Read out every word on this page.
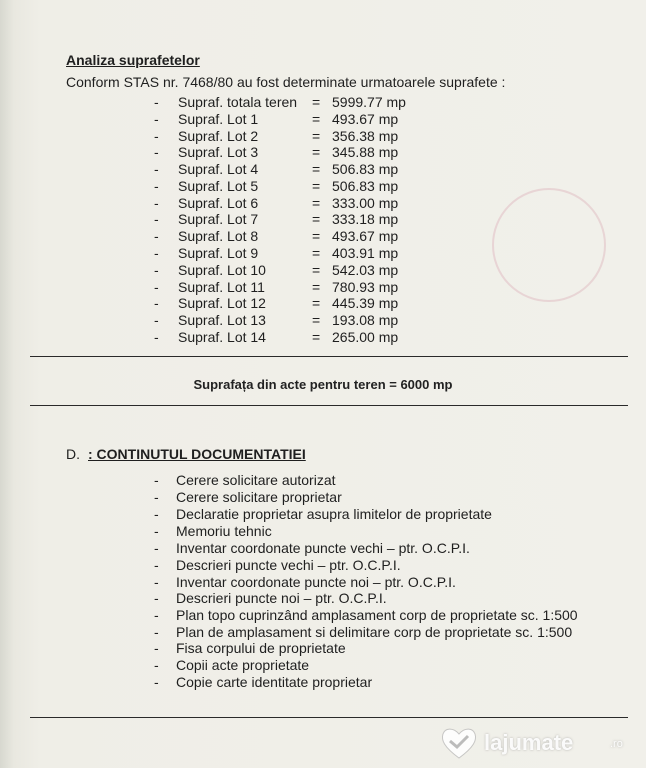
Analiza suprafetelor
Conform STAS nr. 7468/80 au fost determinate urmatoarele suprafete :
- Supraf. totala teren = 5999.77 mp
- Supraf. Lot 1	= 493.67 mp
- Supraf. Lot 2	= 356.38 mp
- Supraf. Lot 3	= 345.88 mp
- Supraf. Lot 4	= 506.83 mp
- Supraf. Lot 5	= 506.83 mp
- Supraf. Lot 6	= 333.00 mp
- Supraf. Lot 7	= 333.18 mp
- Supraf. Lot 8	= 493.67 mp
- Supraf. Lot 9	= 403.91 mp
- Supraf. Lot 10	= 542.03 mp
- Supraf. Lot 11	= 780.93 mp
- Supraf. Lot 12	= 445.39 mp
- Supraf. Lot 13	= 193.08 mp
- Supraf. Lot 14	= 265.00 mp
Suprafața din acte pentru teren = 6000 mp
D. : CONTINUTUL DOCUMENTATIEI
- Cerere solicitare autorizat
- Cerere solicitare proprietar
- Declaratie proprietar asupra limitelor de proprietate
- Memoriu tehnic
- Inventar coordonate puncte vechi – ptr. O.C.P.I.
- Descrieri puncte vechi – ptr. O.C.P.I.
- Inventar coordonate puncte noi – ptr. O.C.P.I.
- Descrieri puncte noi – ptr. O.C.P.I.
- Plan topo cuprinzând amplasament corp de proprietate sc. 1:500
- Plan de amplasament si delimitare corp de proprietate sc. 1:500
- Fisa corpului de proprietate
- Copii acte proprietate
- Copie carte identitate proprietar
lajumate	.ro
